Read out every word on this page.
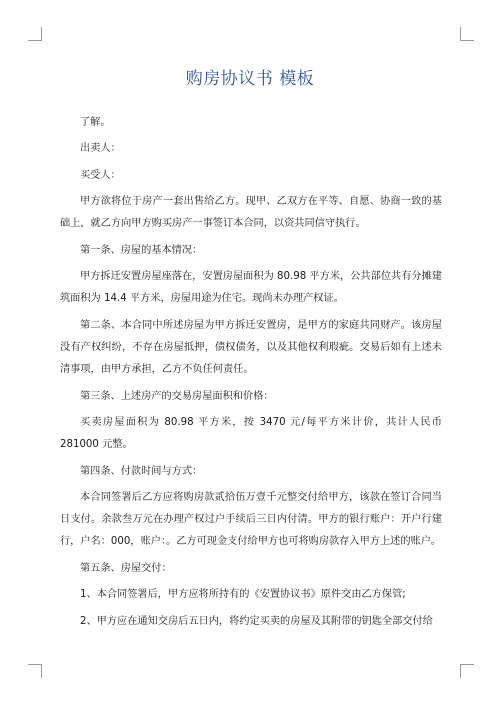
购房协议书 模板

了解。

出卖人：

买受人：

甲方欲将位于房产一套出售给乙方。现甲、乙双方在平等、自愿、协商一致的基础上，就乙方向甲方购买房产一事签订本合同，以资共同信守执行。

第一条、房屋的基本情况：

甲方拆迁安置房屋座落在，安置房屋面积为 80.98 平方米，公共部位共有分摊建筑面积为 14.4 平方米，房屋用途为住宅。现尚未办理产权证。

第二条、本合同中所述房屋为甲方拆迁安置房，是甲方的家庭共同财产。该房屋没有产权纠纷，不存在房屋抵押，债权债务，以及其他权利瑕疵。交易后如有上述未清事项，由甲方承担，乙方不负任何责任。

第三条、上述房产的交易房屋面积和价格：

买卖房屋面积为 80.98 平方米，按 3470 元/每平方米计价，共计人民币 281000 元整。

第四条、付款时间与方式：

本合同签署后乙方应将购房款贰拾伍万壹千元整交付给甲方，该款在签订合同当日支付。余款叁万元在办理产权过户手续后三日内付清。甲方的银行账户：开户行建行，户名：000，账户：。乙方可现金支付给甲方也可将购房款存入甲方上述的账户。

第五条、房屋交付：

1、本合同签署后，甲方应将所持有的《安置协议书》原件交由乙方保管;

2、甲方应在通知交房后五日内，将约定买卖的房屋及其附带的钥匙全部交付给
